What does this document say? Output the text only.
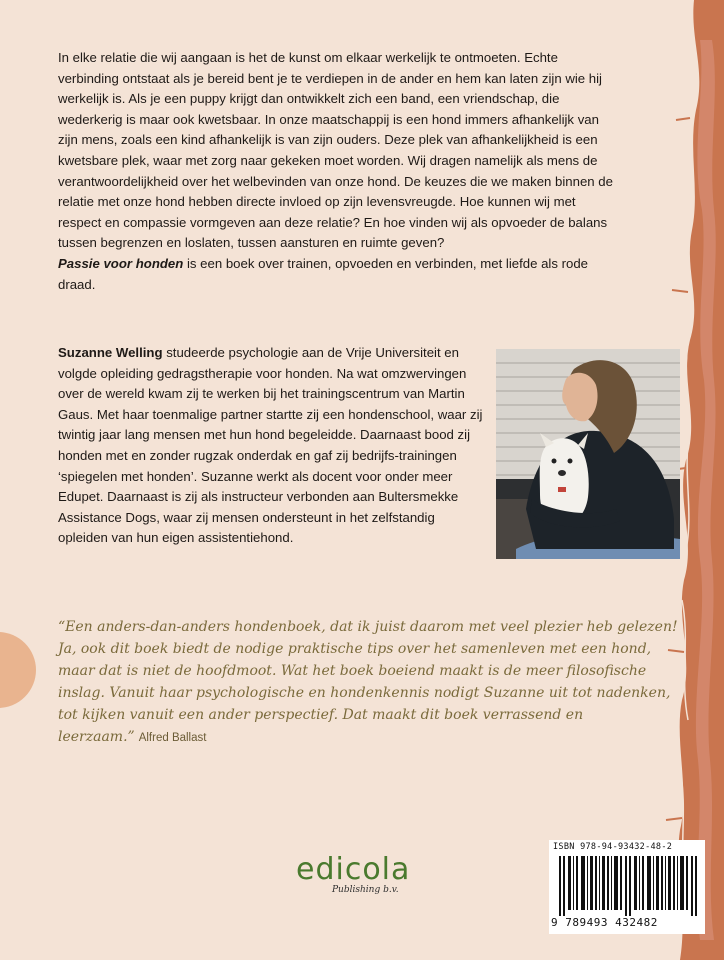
In elke relatie die wij aangaan is het de kunst om elkaar werkelijk te ontmoeten. Echte verbinding ontstaat als je bereid bent je te verdiepen in de ander en hem kan laten zijn wie hij werkelijk is. Als je een puppy krijgt dan ontwikkelt zich een band, een vriendschap, die wederkerig is maar ook kwetsbaar. In onze maatschappij is een hond immers afhankelijk van zijn mens, zoals een kind afhankelijk is van zijn ouders. Deze plek van afhankelijkheid is een kwetsbare plek, waar met zorg naar gekeken moet worden. Wij dragen namelijk als mens de verantwoordelijkheid over het welbevinden van onze hond. De keuzes die we maken binnen de relatie met onze hond hebben directe invloed op zijn levensvreugde. Hoe kunnen wij met respect en compassie vormgeven aan deze relatie? En hoe vinden wij als opvoeder de balans tussen begrenzen en loslaten, tussen aansturen en ruimte geven?
Passie voor honden is een boek over trainen, opvoeden en verbinden, met liefde als rode draad.

Suzanne Welling studeerde psychologie aan de Vrije Universiteit en volgde opleiding gedragstherapie voor honden. Na wat omzwervingen over de wereld kwam zij te werken bij het trainingscentrum van Martin Gaus. Met haar toenmalige partner startte zij een hondenschool, waar zij twintig jaar lang mensen met hun hond begeleidde. Daarnaast bood zij honden met en zonder rugzak onderdak en gaf zij bedrijfs-trainingen ‘spiegelen met honden’. Suzanne werkt als docent voor onder meer Edupet. Daarnaast is zij als instructeur verbonden aan Bultersmekke Assistance Dogs, waar zij mensen ondersteunt in het zelfstandig opleiden van hun eigen assistentiehond.

“Een anders-dan-anders hondenboek, dat ik juist daarom met veel plezier heb gelezen! Ja, ook dit boek biedt de nodige praktische tips over het samenleven met een hond, maar dat is niet de hoofdmoot. Wat het boek boeiend maakt is de meer filosofische inslag. Vanuit haar psychologische en hondenkennis nodigt Suzanne uit tot nadenken, tot kijken vanuit een ander perspectief. Dat maakt dit boek verrassend en leerzaam.” Alfred Ballast

edicola
Publishing b.v.
ISBN 978-94-93432-48-2
9 789493 432482
